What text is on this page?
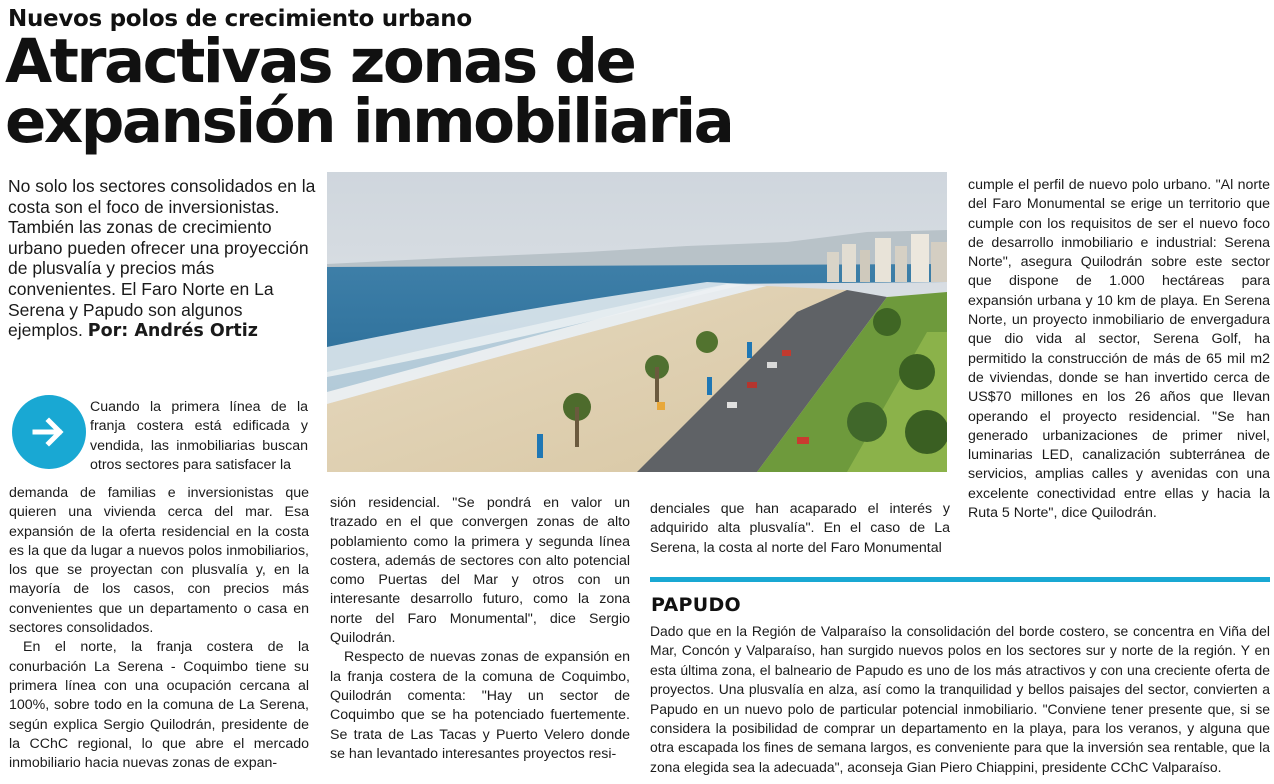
Nuevos polos de crecimiento urbano
Atractivas zonas de
expansión inmobiliaria
No solo los sectores consolidados en la costa son el foco de inversionistas. También las zonas de crecimiento urbano pueden ofrecer una proyección de plusvalía y precios más convenientes. El Faro Norte en La Serena y Papudo son algunos ejemplos. Por: Andrés Ortiz

Cuando la primera línea de la franja costera está edificada y vendida, las inmobiliarias buscan otros sectores para satisfacer la

demanda de familias e inversionistas que quieren una vivienda cerca del mar. Esa expansión de la oferta residencial en la costa es la que da lugar a nuevos polos inmobiliarios, los que se proyectan con plusvalía y, en la mayoría de los casos, con precios más convenientes que un departamento o casa en sectores consolidados.

En el norte, la franja costera de la conurbación La Serena - Coquimbo tiene su primera línea con una ocupación cercana al 100%, sobre todo en la comuna de La Serena, según explica Sergio Quilodrán, presidente de la CChC regional, lo que abre el mercado inmobiliario hacia nuevas zonas de expan-

sión residencial. "Se pondrá en valor un trazado en el que convergen zonas de alto poblamiento como la primera y segunda línea costera, además de sectores con alto potencial como Puertas del Mar y otros con un interesante desarrollo futuro, como la zona norte del Faro Monumental", dice Sergio Quilodrán.

Respecto de nuevas zonas de expansión en la franja costera de la comuna de Coquimbo, Quilodrán comenta: "Hay un sector de Coquimbo que se ha potenciado fuertemente. Se trata de Las Tacas y Puerto Velero donde se han levantado interesantes proyectos resi-

denciales que han acaparado el interés y adquirido alta plusvalía". En el caso de La Serena, la costa al norte del Faro Monumental

cumple el perfil de nuevo polo urbano. "Al norte del Faro Monumental se erige un territorio que cumple con los requisitos de ser el nuevo foco de desarrollo inmobiliario e industrial: Serena Norte", asegura Quilodrán sobre este sector que dispone de 1.000 hectáreas para expansión urbana y 10 km de playa. En Serena Norte, un proyecto inmobiliario de envergadura que dio vida al sector, Serena Golf, ha permitido la construcción de más de 65 mil m2 de viviendas, donde se han invertido cerca de US$70 millones en los 26 años que llevan operando el proyecto residencial. "Se han generado urbanizaciones de primer nivel, luminarias LED, canalización subterránea de servicios, amplias calles y avenidas con una excelente conectividad entre ellas y hacia la Ruta 5 Norte", dice Quilodrán.

PAPUDO
Dado que en la Región de Valparaíso la consolidación del borde costero, se concentra en Viña del Mar, Concón y Valparaíso, han surgido nuevos polos en los sectores sur y norte de la región. Y en esta última zona, el balneario de Papudo es uno de los más atractivos y con una creciente oferta de proyectos. Una plusvalía en alza, así como la tranquilidad y bellos paisajes del sector, convierten a Papudo en un nuevo polo de particular potencial inmobiliario. "Conviene tener presente que, si se considera la posibilidad de comprar un departamento en la playa, para los veranos, y alguna que otra escapada los fines de semana largos, es conveniente para que la inversión sea rentable, que la zona elegida sea la adecuada", aconseja Gian Piero Chiappini, presidente CChC Valparaíso.
